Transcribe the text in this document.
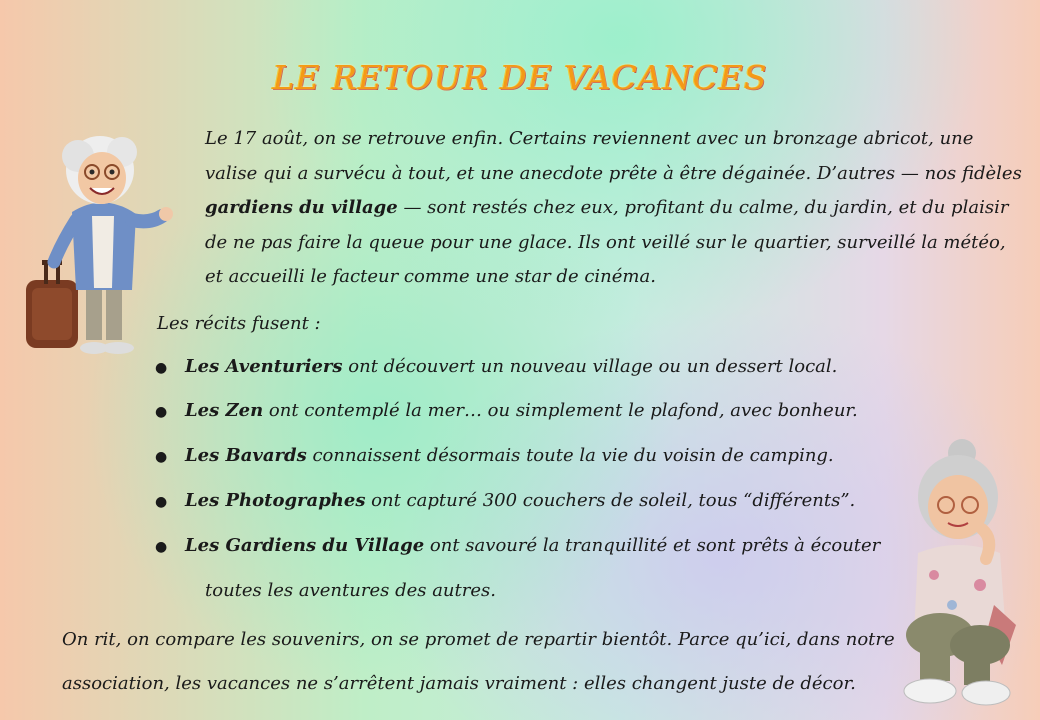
LE RETOUR DE VACANCES
Le 17 août, on se retrouve enfin. Certains reviennent avec un bronzage abricot, une valise qui a survécu à tout, et une anecdote prête à être dégainée. D’autres — nos fidèles gardiens du village — sont restés chez eux, profitant du calme, du jardin, et du plaisir de ne pas faire la queue pour une glace. Ils ont veillé sur le quartier, surveillé la météo, et accueilli le facteur comme une star de cinéma.
Les récits fusent :
● Les Aventuriers ont découvert un nouveau village ou un dessert local.
● Les Zen ont contemplé la mer… ou simplement le plafond, avec bonheur.
● Les Bavards connaissent désormais toute la vie du voisin de camping.
● Les Photographes ont capturé 300 couchers de soleil, tous “différents”.
● Les Gardiens du Village ont savouré la tranquillité et sont prêts à écouter
toutes les aventures des autres.
On rit, on compare les souvenirs, on se promet de repartir bientôt. Parce qu’ici, dans notre association, les vacances ne s’arrêtent jamais vraiment : elles changent juste de décor.
